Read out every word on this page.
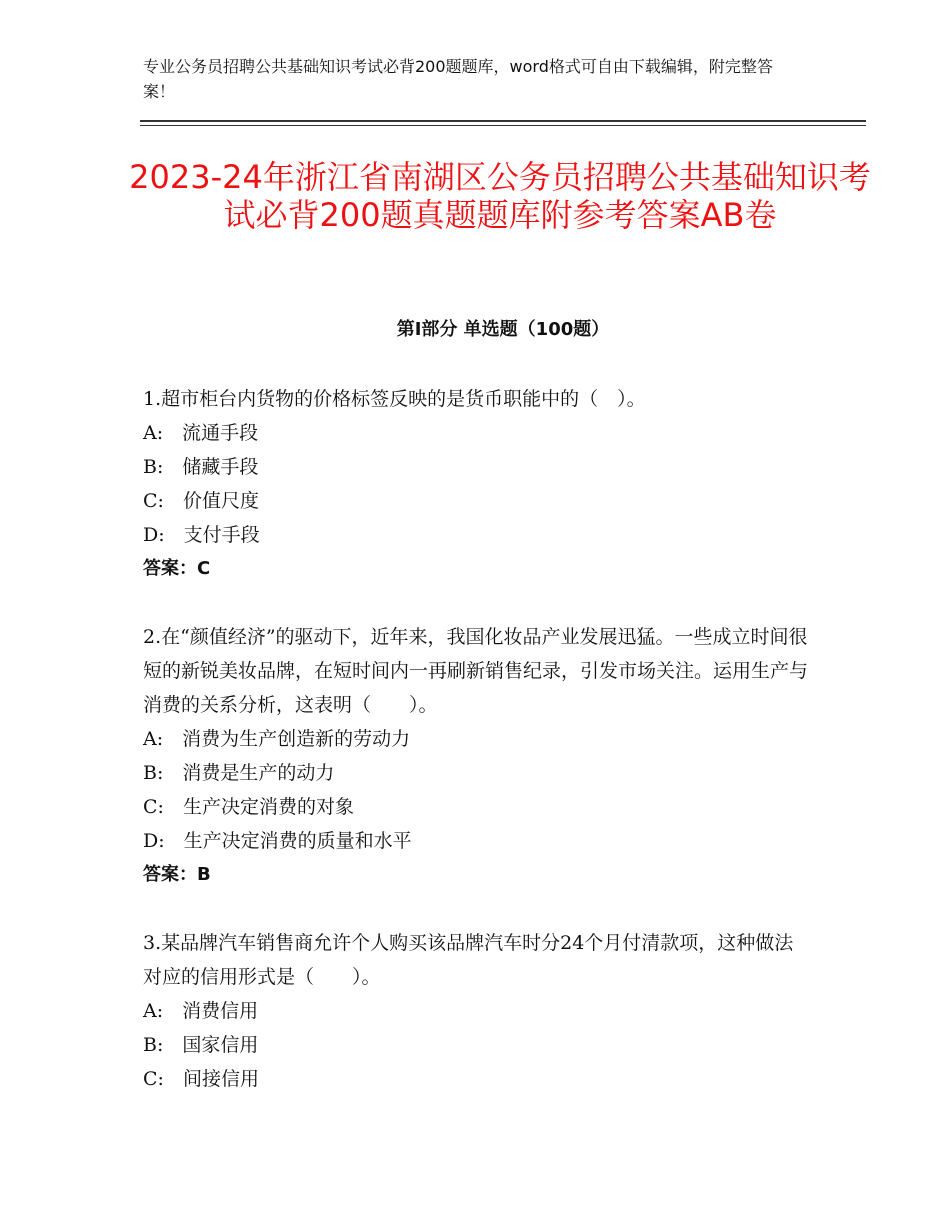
专业公务员招聘公共基础知识考试必背200题题库，word格式可自由下载编辑，附完整答案！
2023-24年浙江省南湖区公务员招聘公共基础知识考试必背200题真题题库附参考答案AB卷
第Ⅰ部分 单选题（100题）
1.超市柜台内货物的价格标签反映的是货币职能中的（　）。
A:　流通手段
B:　储藏手段
C:　价值尺度
D:　支付手段
答案：C
2.在“颜值经济”的驱动下，近年来，我国化妆品产业发展迅猛。一些成立时间很短的新锐美妆品牌，在短时间内一再刷新销售纪录，引发市场关注。运用生产与消费的关系分析，这表明（　　）。
A:　消费为生产创造新的劳动力
B:　消费是生产的动力
C:　生产决定消费的对象
D:　生产决定消费的质量和水平
答案：B
3.某品牌汽车销售商允许个人购买该品牌汽车时分24个月付清款项，这种做法对应的信用形式是（　　）。
A:　消费信用
B:　国家信用
C:　间接信用
